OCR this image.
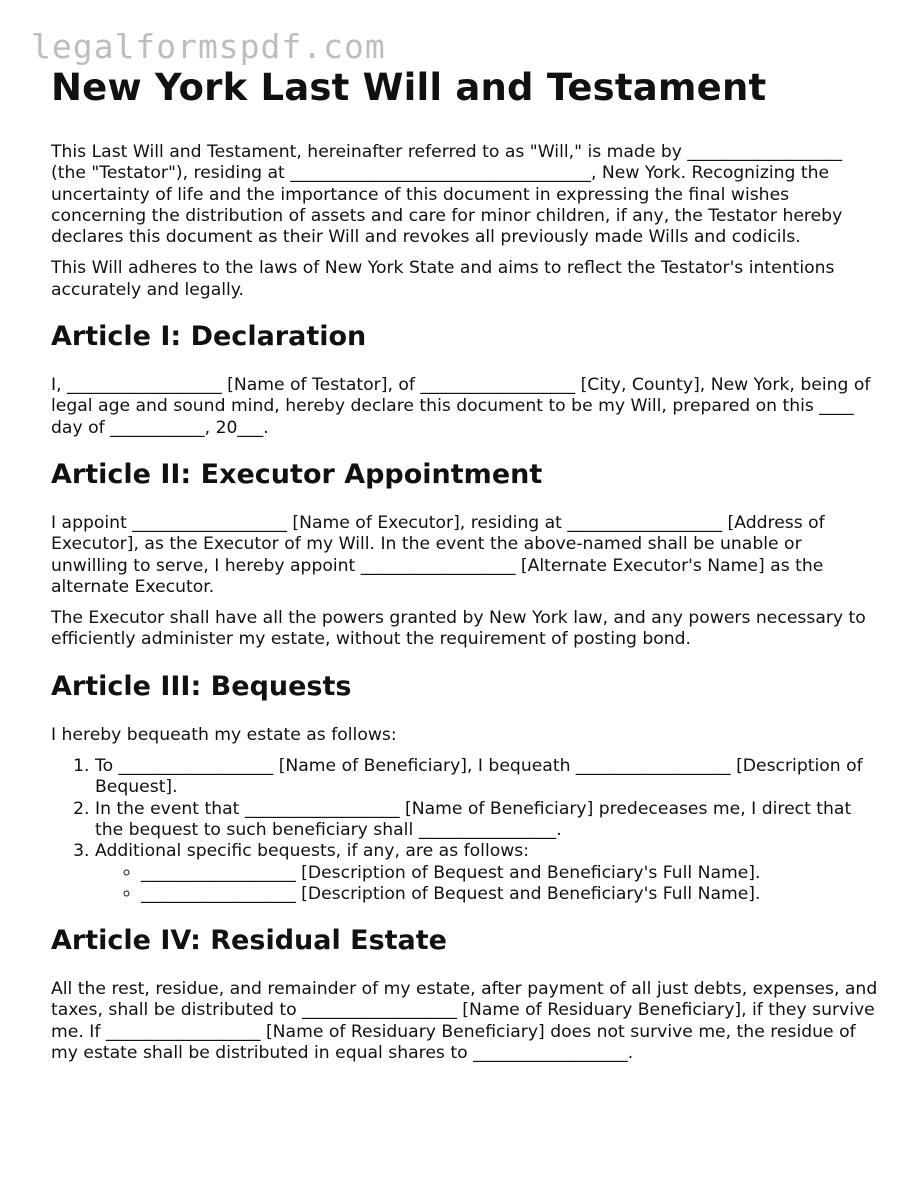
legalformspdf.com
New York Last Will and Testament

This Last Will and Testament, hereinafter referred to as "Will," is made by __________________ (the "Testator"), residing at ___________________________________, New York. Recognizing the uncertainty of life and the importance of this document in expressing the final wishes concerning the distribution of assets and care for minor children, if any, the Testator hereby declares this document as their Will and revokes all previously made Wills and codicils.

This Will adheres to the laws of New York State and aims to reflect the Testator's intentions accurately and legally.

Article I: Declaration

I, __________________ [Name of Testator], of __________________ [City, County], New York, being of legal age and sound mind, hereby declare this document to be my Will, prepared on this ____ day of ___________, 20___.

Article II: Executor Appointment

I appoint __________________ [Name of Executor], residing at __________________ [Address of Executor], as the Executor of my Will. In the event the above-named shall be unable or unwilling to serve, I hereby appoint __________________ [Alternate Executor's Name] as the alternate Executor.

The Executor shall have all the powers granted by New York law, and any powers necessary to efficiently administer my estate, without the requirement of posting bond.

Article III: Bequests

I hereby bequeath my estate as follows:

1. To __________________ [Name of Beneficiary], I bequeath __________________ [Description of Bequest].
2. In the event that __________________ [Name of Beneficiary] predeceases me, I direct that the bequest to such beneficiary shall ________________.
3. Additional specific bequests, if any, are as follows:
◦ __________________ [Description of Bequest and Beneficiary's Full Name].
◦ __________________ [Description of Bequest and Beneficiary's Full Name].
Article IV: Residual Estate

All the rest, residue, and remainder of my estate, after payment of all just debts, expenses, and taxes, shall be distributed to __________________ [Name of Residuary Beneficiary], if they survive me. If __________________ [Name of Residuary Beneficiary] does not survive me, the residue of my estate shall be distributed in equal shares to __________________.
